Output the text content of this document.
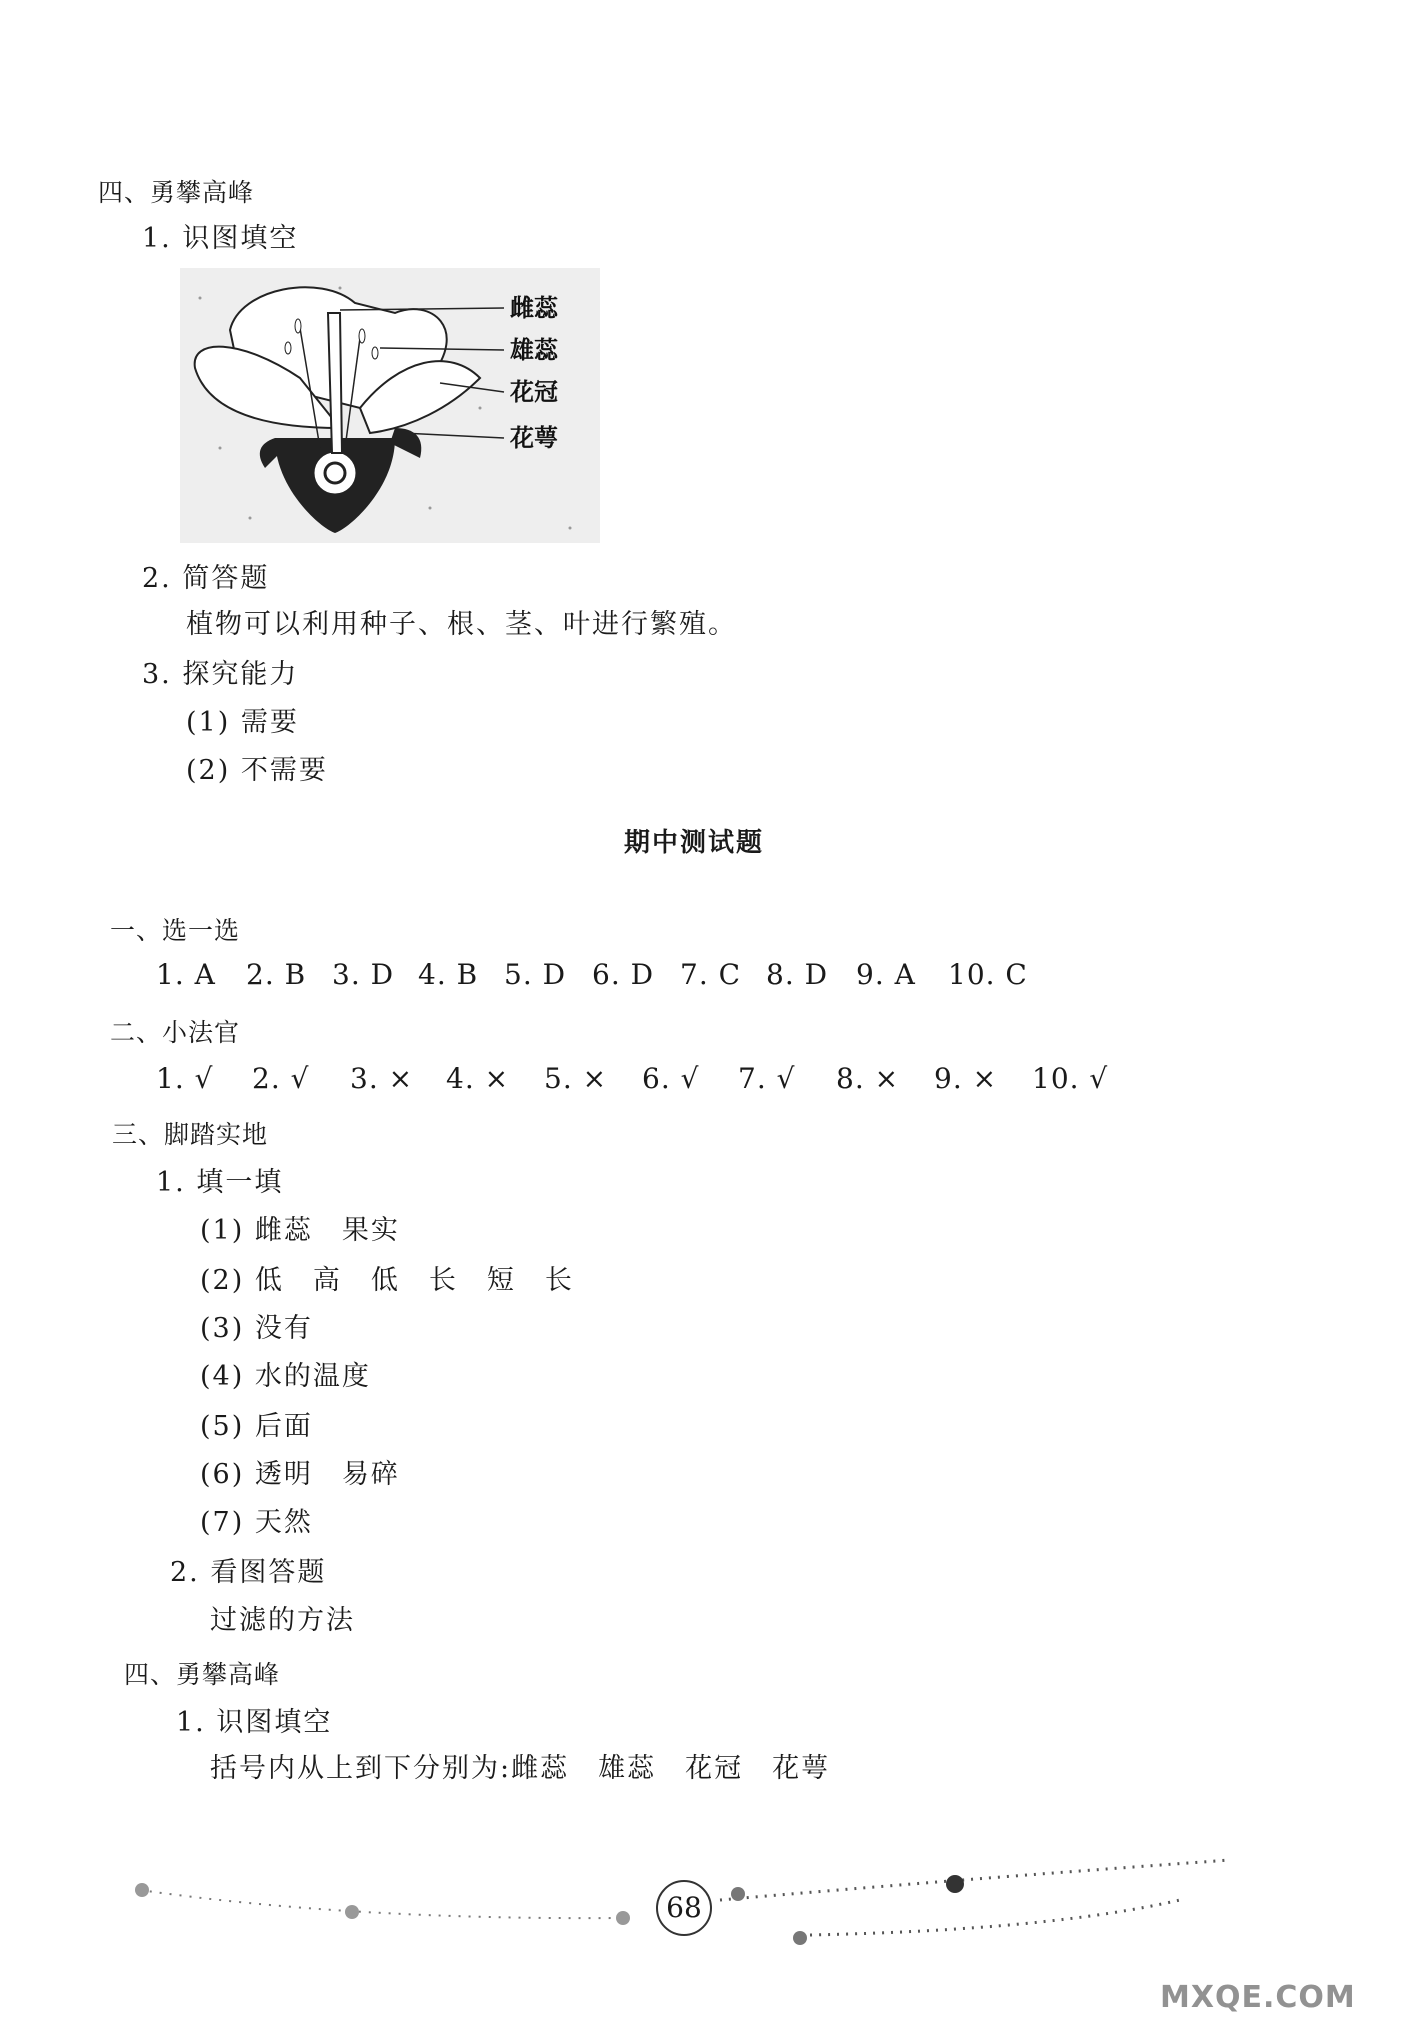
四、勇攀高峰
1. 识图填空
雌蕊
雄蕊
花冠
花萼
2. 简答题
植物可以利用种子、根、茎、叶进行繁殖。
3. 探究能力
(1) 需要
(2) 不需要
期中测试题
一、选一选
1. A 2. B 3. D 4. B 5. D 6. D 7. C 8. D 9. A 10. C
二、小法官
1. √ 2. √ 3. × 4. × 5. × 6. √ 7. √ 8. × 9. × 10. √
三、脚踏实地
1. 填一填
(1) 雌蕊　果实
(2) 低　高　低　长　短　长
(3) 没有
(4) 水的温度
(5) 后面
(6) 透明　易碎
(7) 天然
2. 看图答题
过滤的方法
四、勇攀高峰
1. 识图填空
括号内从上到下分别为:雌蕊　雄蕊　花冠　花萼
68
MXQE.COM
